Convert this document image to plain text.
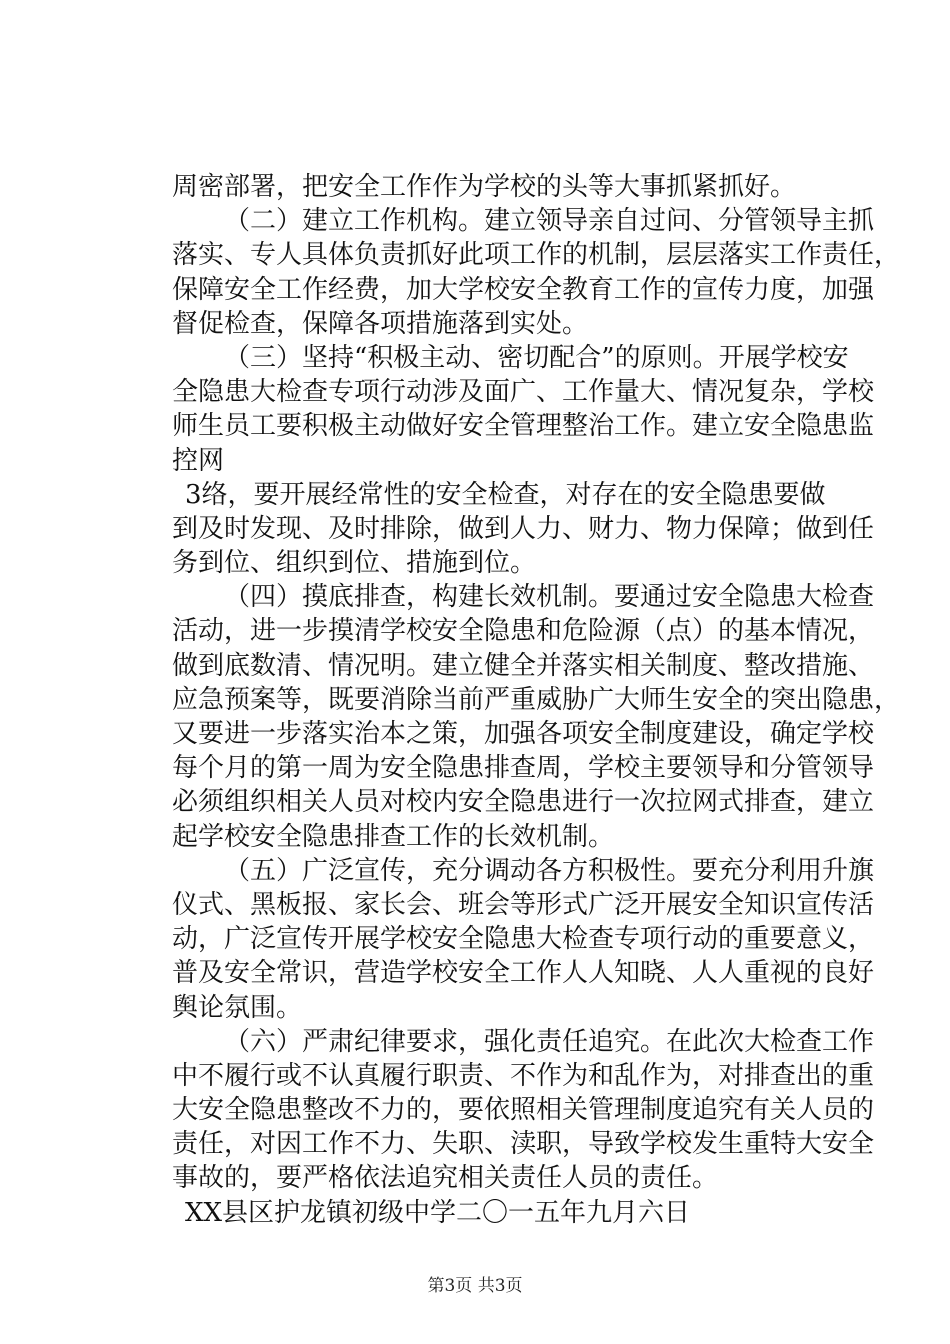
周密部署，把安全工作作为学校的头等大事抓紧抓好。
（二）建立工作机构。建立领导亲自过问、分管领导主抓
落实、专人具体负责抓好此项工作的机制，层层落实工作责任，
保障安全工作经费，加大学校安全教育工作的宣传力度，加强
督促检查，保障各项措施落到实处。
（三）坚持“积极主动、密切配合”的原则。开展学校安
全隐患大检查专项行动涉及面广、工作量大、情况复杂，学校
师生员工要积极主动做好安全管理整治工作。建立安全隐患监
控网
3络，要开展经常性的安全检查，对存在的安全隐患要做
到及时发现、及时排除，做到人力、财力、物力保障；做到任
务到位、组织到位、措施到位。
（四）摸底排查，构建长效机制。要通过安全隐患大检查
活动，进一步摸清学校安全隐患和危险源（点）的基本情况，
做到底数清、情况明。建立健全并落实相关制度、整改措施、
应急预案等，既要消除当前严重威胁广大师生安全的突出隐患，
又要进一步落实治本之策，加强各项安全制度建设，确定学校
每个月的第一周为安全隐患排查周，学校主要领导和分管领导
必须组织相关人员对校内安全隐患进行一次拉网式排查，建立
起学校安全隐患排查工作的长效机制。
（五）广泛宣传，充分调动各方积极性。要充分利用升旗
仪式、黑板报、家长会、班会等形式广泛开展安全知识宣传活
动，广泛宣传开展学校安全隐患大检查专项行动的重要意义，
普及安全常识，营造学校安全工作人人知晓、人人重视的良好
舆论氛围。
（六）严肃纪律要求，强化责任追究。在此次大检查工作
中不履行或不认真履行职责、不作为和乱作为，对排查出的重
大安全隐患整改不力的，要依照相关管理制度追究有关人员的
责任，对因工作不力、失职、渎职，导致学校发生重特大安全
事故的，要严格依法追究相关责任人员的责任。
XX县区护龙镇初级中学二〇一五年九月六日
第3页 共3页
